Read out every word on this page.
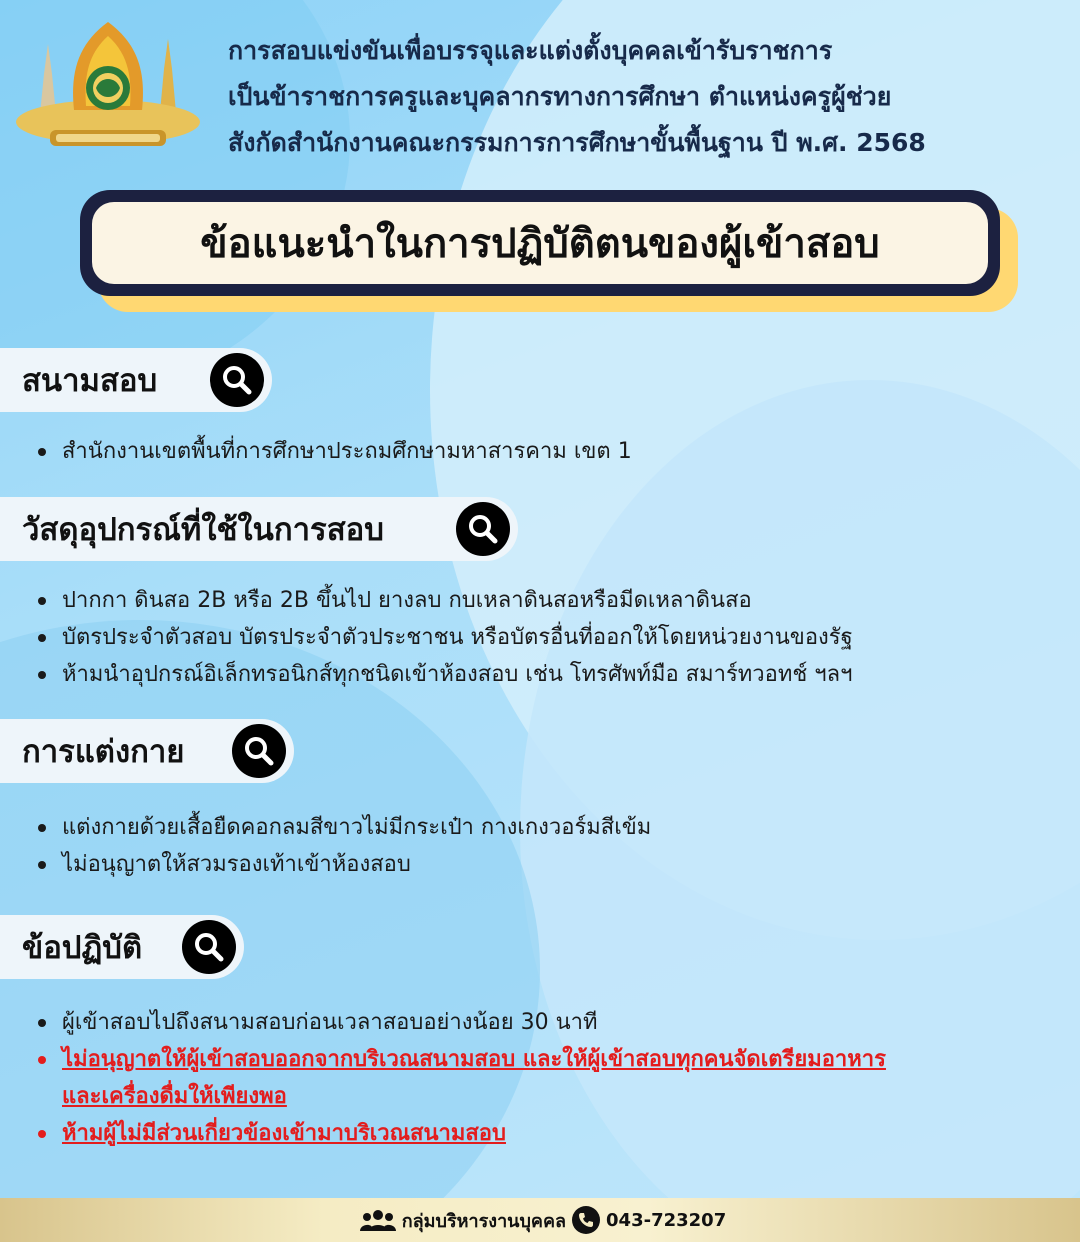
การสอบแข่งขันเพื่อบรรจุและแต่งตั้งบุคคลเข้ารับราชการ
เป็นข้าราชการครูและบุคลากรทางการศึกษา ตำแหน่งครูผู้ช่วย
สังกัดสำนักงานคณะกรรมการการศึกษาขั้นพื้นฐาน ปี พ.ศ. 2568
ข้อแนะนำในการปฏิบัติตนของผู้เข้าสอบ
สนามสอบ
สำนักงานเขตพื้นที่การศึกษาประถมศึกษามหาสารคาม เขต 1
วัสดุอุปกรณ์ที่ใช้ในการสอบ
ปากกา ดินสอ 2B หรือ 2B ขึ้นไป ยางลบ กบเหลาดินสอหรือมีดเหลาดินสอ
บัตรประจำตัวสอบ บัตรประจำตัวประชาชน หรือบัตรอื่นที่ออกให้โดยหน่วยงานของรัฐ
ห้ามนำอุปกรณ์อิเล็กทรอนิกส์ทุกชนิดเข้าห้องสอบ เช่น โทรศัพท์มือ สมาร์ทวอทช์ ฯลฯ
การแต่งกาย
แต่งกายด้วยเสื้อยืดคอกลมสีขาวไม่มีกระเป๋า กางเกงวอร์มสีเข้ม
ไม่อนุญาตให้สวมรองเท้าเข้าห้องสอบ
ข้อปฏิบัติ
ผู้เข้าสอบไปถึงสนามสอบก่อนเวลาสอบอย่างน้อย 30 นาที
ไม่อนุญาตให้ผู้เข้าสอบออกจากบริเวณสนามสอบ และให้ผู้เข้าสอบทุกคนจัดเตรียมอาหาร
และเครื่องดื่มให้เพียงพอ
ห้ามผู้ไม่มีส่วนเกี่ยวข้องเข้ามาบริเวณสนามสอบ
กลุ่มบริหารงานบุคคล 043-723207
